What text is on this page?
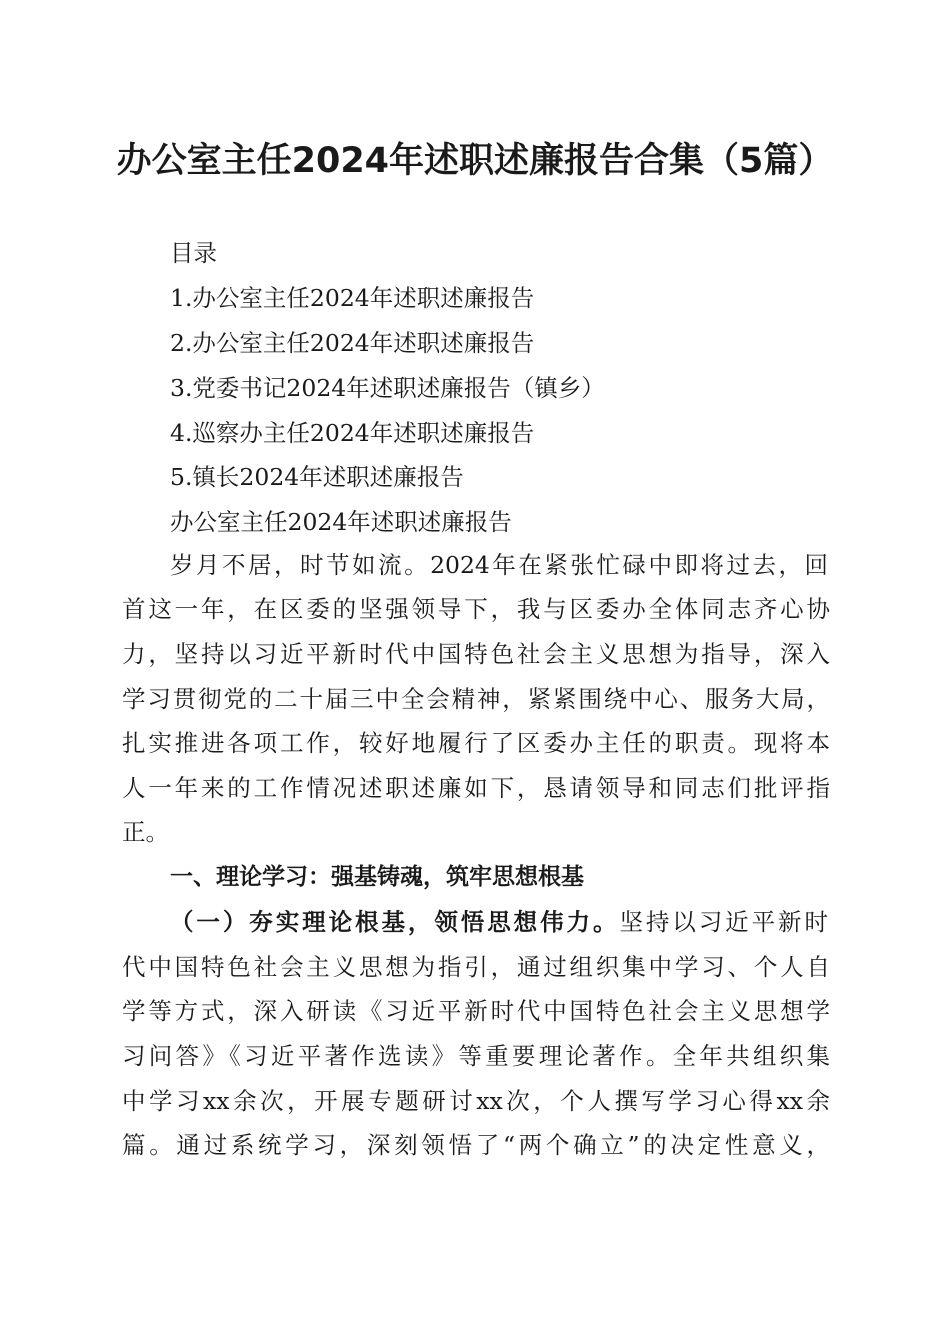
办公室主任2024年述职述廉报告合集（5篇）
目录
1.办公室主任2024年述职述廉报告
2.办公室主任2024年述职述廉报告
3.党委书记2024年述职述廉报告（镇乡）
4.巡察办主任2024年述职述廉报告
5.镇长2024年述职述廉报告
办公室主任2024年述职述廉报告
岁月不居，时节如流。2024年在紧张忙碌中即将过去，回
首这一年，在区委的坚强领导下，我与区委办全体同志齐心协
力，坚持以习近平新时代中国特色社会主义思想为指导，深入
学习贯彻党的二十届三中全会精神，紧紧围绕中心、服务大局，
扎实推进各项工作，较好地履行了区委办主任的职责。现将本
人一年来的工作情况述职述廉如下，恳请领导和同志们批评指
正。
一、理论学习：强基铸魂，筑牢思想根基
（一）夯实理论根基，领悟思想伟力。坚持以习近平新时
代中国特色社会主义思想为指引，通过组织集中学习、个人自
学等方式，深入研读《习近平新时代中国特色社会主义思想学
习问答》《习近平著作选读》等重要理论著作。全年共组织集
中学习xx余次，开展专题研讨xx次，个人撰写学习心得xx余
篇。通过系统学习，深刻领悟了“两个确立”的决定性意义，
